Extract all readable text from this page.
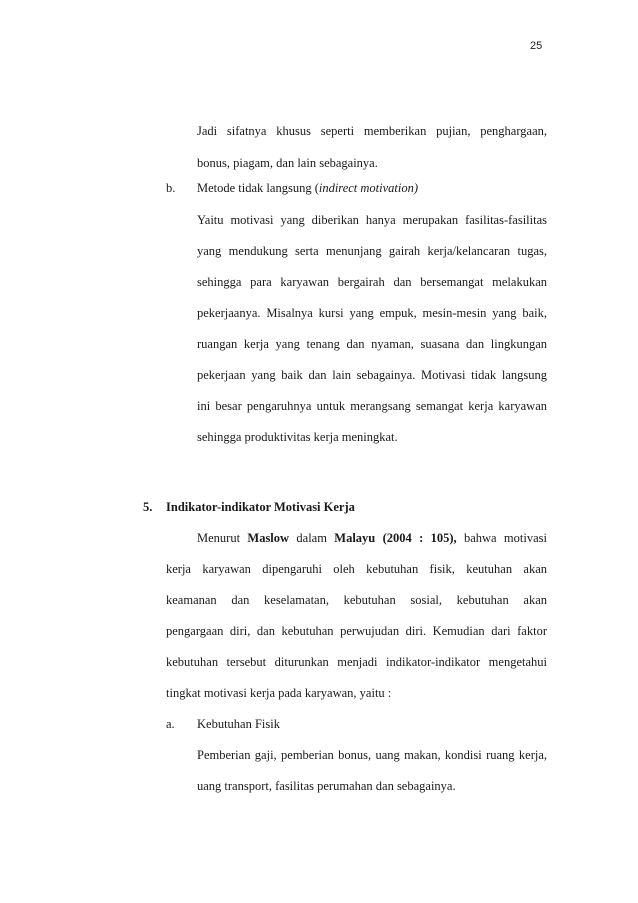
25
Jadi sifatnya khusus seperti memberikan pujian, penghargaan,
bonus, piagam, dan lain sebagainya.
b. Metode tidak langsung (indirect motivation)
Yaitu motivasi yang diberikan hanya merupakan fasilitas-fasilitas
yang mendukung serta menunjang gairah kerja/kelancaran tugas,
sehingga para karyawan bergairah dan bersemangat melakukan
pekerjaanya. Misalnya kursi yang empuk, mesin-mesin yang baik,
ruangan kerja yang tenang dan nyaman, suasana dan lingkungan
pekerjaan yang baik dan lain sebagainya. Motivasi tidak langsung
ini besar pengaruhnya untuk merangsang semangat kerja karyawan
sehingga produktivitas kerja meningkat.
5. Indikator-indikator Motivasi Kerja
Menurut Maslow dalam Malayu (2004 : 105), bahwa motivasi
kerja karyawan dipengaruhi oleh kebutuhan fisik, keutuhan akan
keamanan dan keselamatan, kebutuhan sosial, kebutuhan akan
pengargaan diri, dan kebutuhan perwujudan diri. Kemudian dari faktor
kebutuhan tersebut diturunkan menjadi indikator-indikator mengetahui
tingkat motivasi kerja pada karyawan, yaitu :
a. Kebutuhan Fisik
Pemberian gaji, pemberian bonus, uang makan, kondisi ruang kerja,
uang transport, fasilitas perumahan dan sebagainya.
